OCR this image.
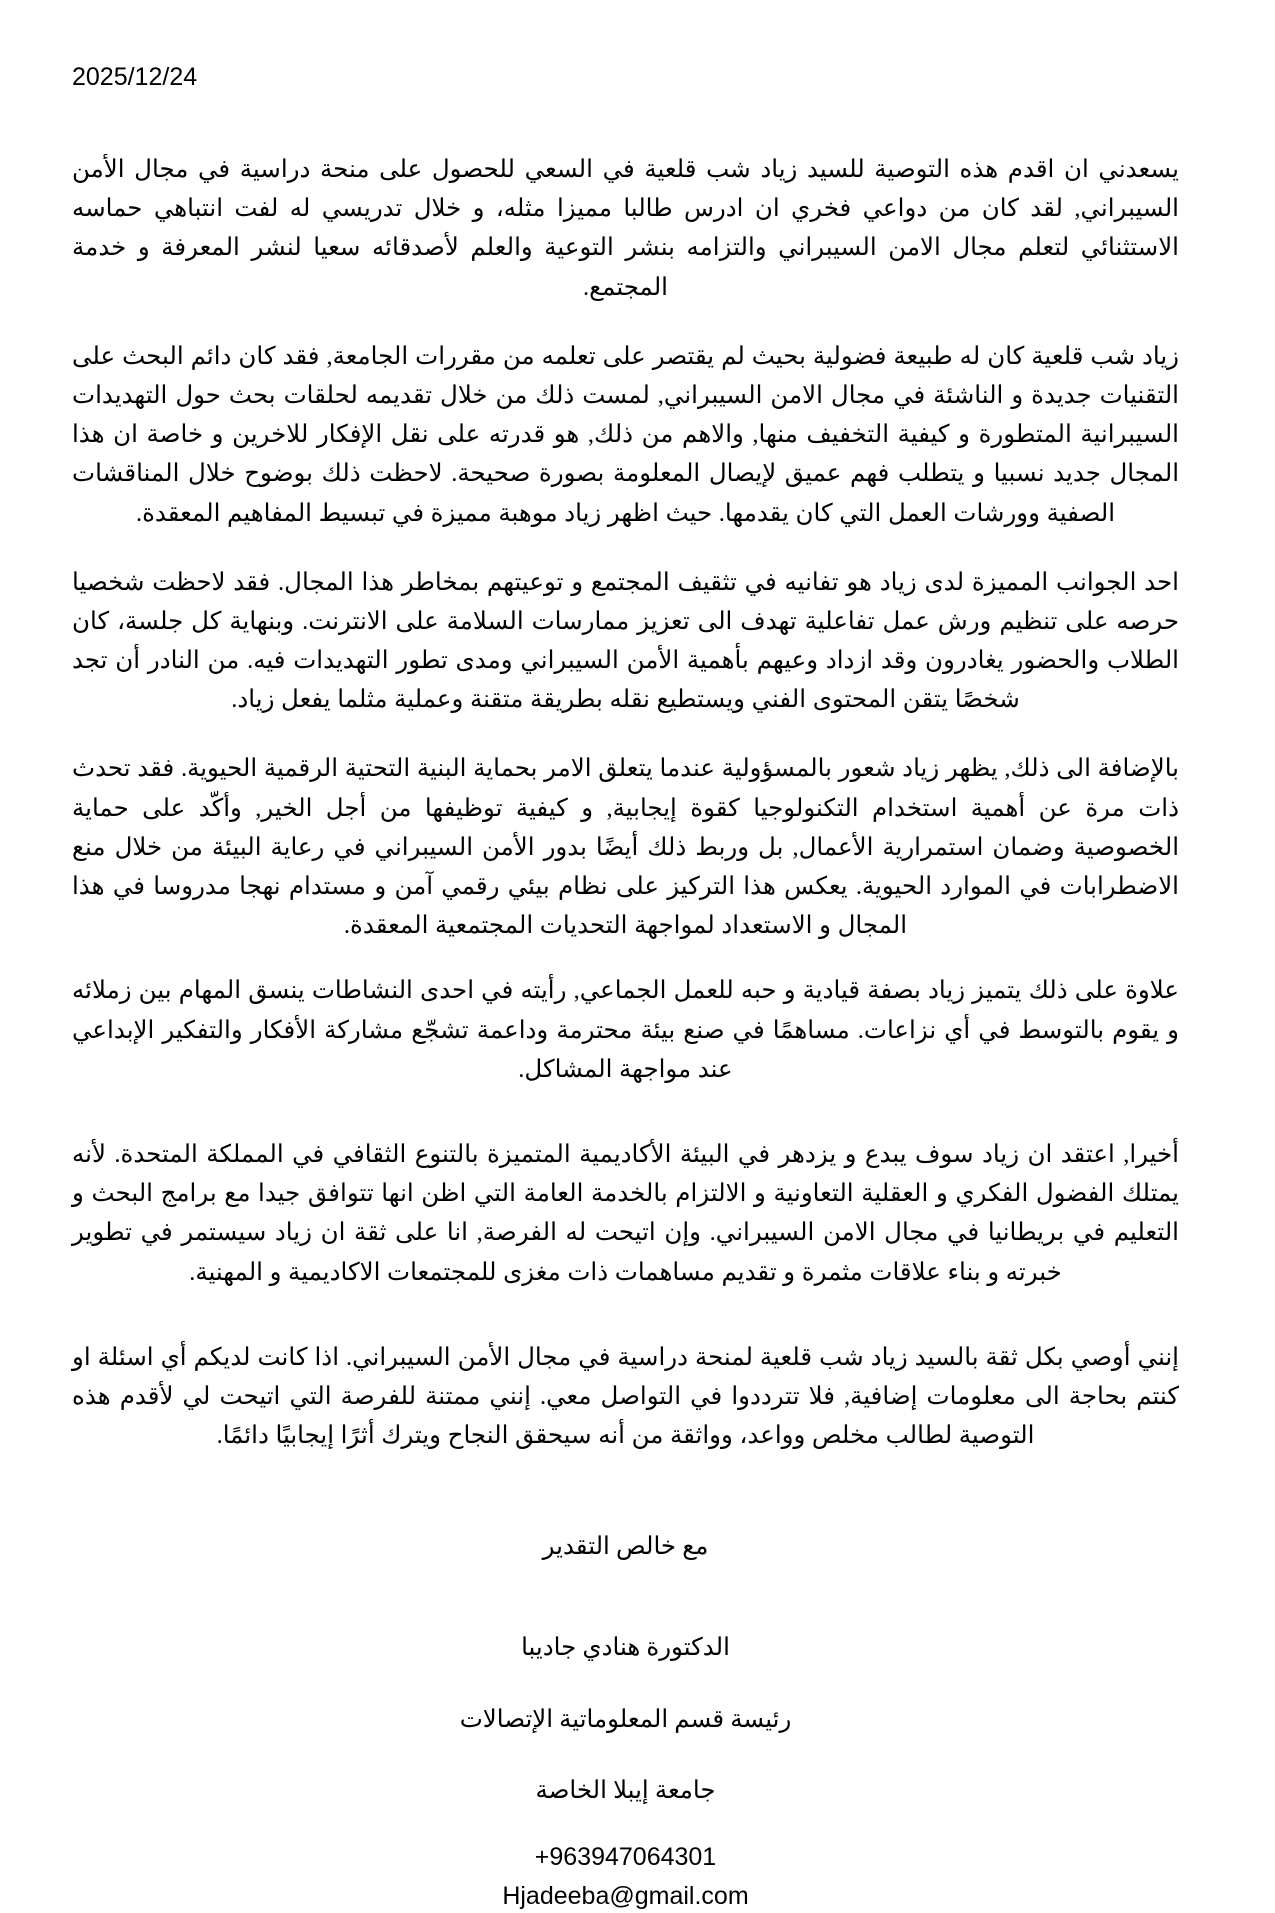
2025/12/24

يسعدني ان اقدم هذه التوصية للسيد زياد شب قلعية في السعي للحصول على منحة دراسية في مجال الأمن السيبراني, لقد كان من دواعي فخري ان ادرس طالبا مميزا مثله، و خلال تدريسي له لفت انتباهي حماسه الاستثنائي لتعلم مجال الامن السيبراني والتزامه بنشر التوعية والعلم لأصدقائه سعيا لنشر المعرفة و خدمة المجتمع.

زياد شب قلعية كان له طبيعة فضولية بحيث لم يقتصر على تعلمه من مقررات الجامعة, فقد كان دائم البحث على التقنيات جديدة و الناشئة في مجال الامن السيبراني, لمست ذلك من خلال تقديمه لحلقات بحث حول التهديدات السيبرانية المتطورة و كيفية التخفيف منها, والاهم من ذلك, هو قدرته على نقل الإفكار للاخرين و خاصة ان هذا المجال جديد نسبيا و يتطلب فهم عميق لإيصال المعلومة بصورة صحيحة. لاحظت ذلك بوضوح خلال المناقشات الصفية وورشات العمل التي كان يقدمها. حيث اظهر زياد موهبة مميزة في تبسيط المفاهيم المعقدة.

احد الجوانب المميزة لدى زياد هو تفانيه في تثقيف المجتمع و توعيتهم بمخاطر هذا المجال. فقد لاحظت شخصيا حرصه على تنظيم ورش عمل تفاعلية تهدف الى تعزيز ممارسات السلامة على الانترنت. وبنهاية كل جلسة، كان الطلاب والحضور يغادرون وقد ازداد وعيهم بأهمية الأمن السيبراني ومدى تطور التهديدات فيه. من النادر أن تجد شخصًا يتقن المحتوى الفني ويستطيع نقله بطريقة متقنة وعملية مثلما يفعل زياد.

بالإضافة الى ذلك, يظهر زياد شعور بالمسؤولية عندما يتعلق الامر بحماية البنية التحتية الرقمية الحيوية. فقد تحدث ذات مرة عن أهمية استخدام التكنولوجيا كقوة إيجابية, و كيفية توظيفها من أجل الخير, وأكّد على حماية الخصوصية وضمان استمرارية الأعمال, بل وربط ذلك أيضًا بدور الأمن السيبراني في رعاية البيئة من خلال منع الاضطرابات في الموارد الحيوية. يعكس هذا التركيز على نظام بيئي رقمي آمن و مستدام نهجا مدروسا في هذا المجال و الاستعداد لمواجهة التحديات المجتمعية المعقدة.

علاوة على ذلك يتميز زياد بصفة قيادية و حبه للعمل الجماعي, رأيته في احدى النشاطات ينسق المهام بين زملائه و يقوم بالتوسط في أي نزاعات. مساهمًا في صنع بيئة محترمة وداعمة تشجّع مشاركة الأفكار والتفكير الإبداعي عند مواجهة المشاكل.

أخيرا, اعتقد ان زياد سوف يبدع و يزدهر في البيئة الأكاديمية المتميزة بالتنوع الثقافي في المملكة المتحدة. لأنه يمتلك الفضول الفكري و العقلية التعاونية و الالتزام بالخدمة العامة التي اظن انها تتوافق جيدا مع برامج البحث و التعليم في بريطانيا في مجال الامن السيبراني. وإن اتيحت له الفرصة, انا على ثقة ان زياد سيستمر في تطوير خبرته و بناء علاقات مثمرة و تقديم مساهمات ذات مغزى للمجتمعات الاكاديمية و المهنية.

إنني أوصي بكل ثقة بالسيد زياد شب قلعية لمنحة دراسية في مجال الأمن السيبراني. اذا كانت لديكم أي اسئلة او كنتم بحاجة الى معلومات إضافية, فلا تترددوا في التواصل معي. إنني ممتنة للفرصة التي اتيحت لي لأقدم هذه التوصية لطالب مخلص وواعد، وواثقة من أنه سيحقق النجاح ويترك أثرًا إيجابيًا دائمًا.

مع خالص التقدير

الدكتورة هنادي جاديبا

رئيسة قسم المعلوماتية الإتصالات

جامعة إيبلا الخاصة

+963947064301

Hjadeeba@gmail.com
